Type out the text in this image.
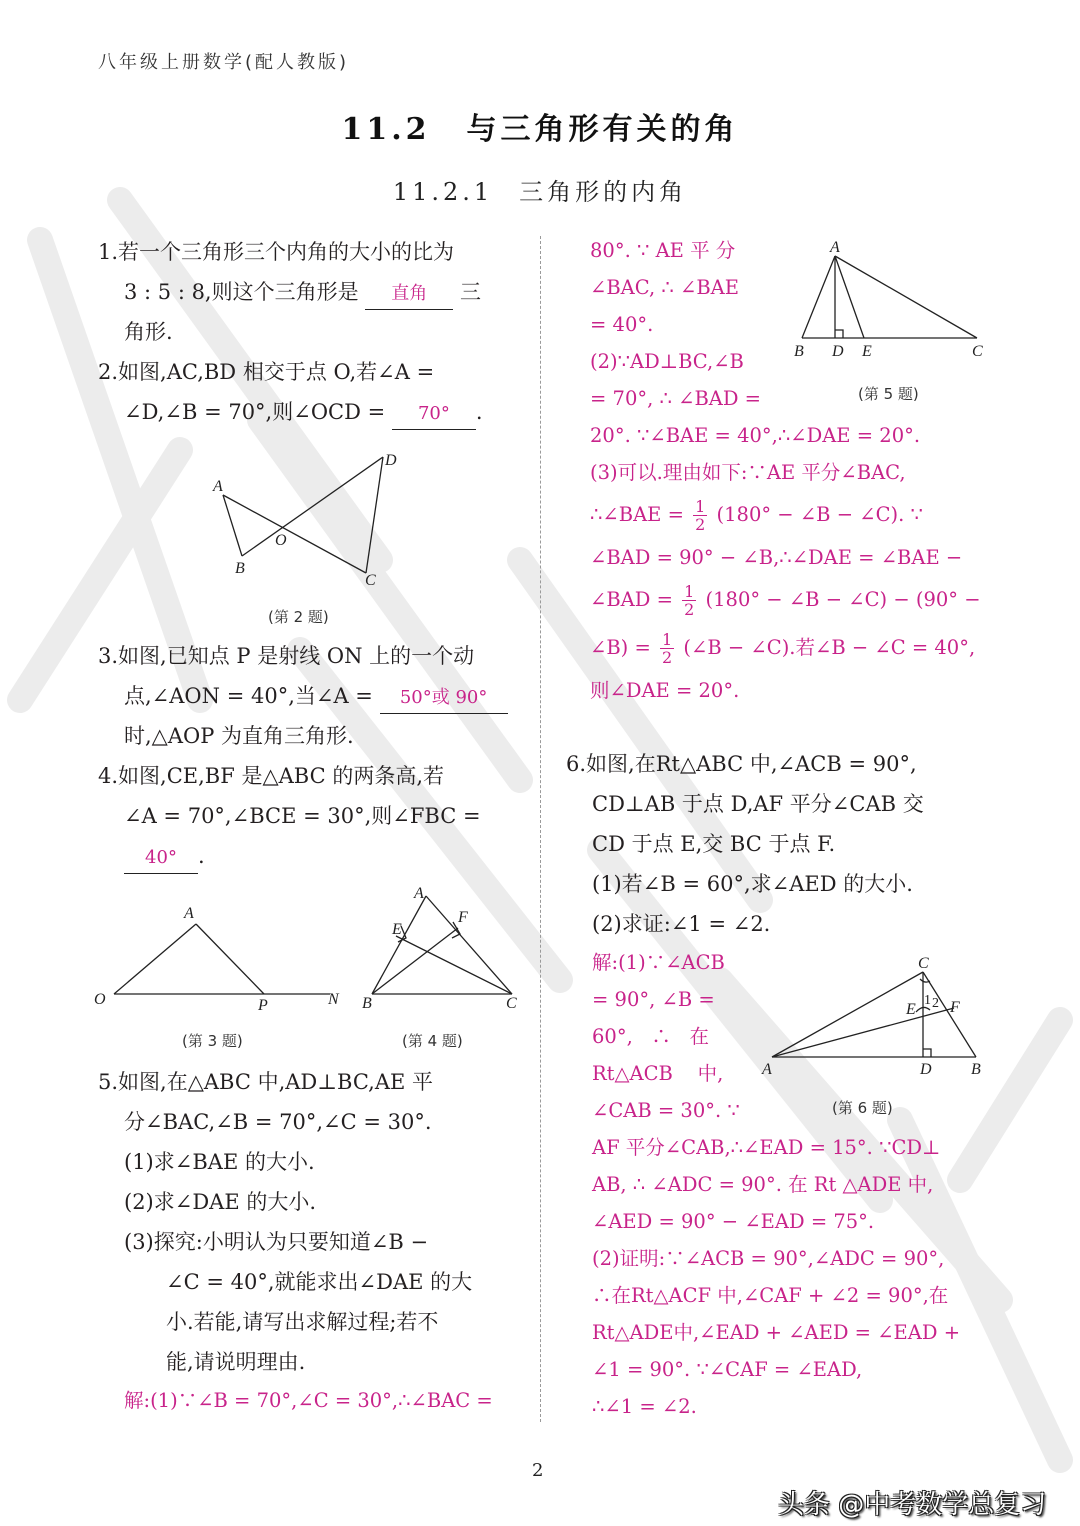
八年级上册数学(配人教版)
11.2 与三角形有关的角
11.2.1 三角形的内角

1.若一个三角形三个内角的大小的比为

3 : 5 : 8,则这个三角形是 直角 三

角形.

2.如图,AC,BD 相交于点 O,若∠A =

∠D,∠B = 70°,则∠OCD = 70° .

A
B
C
D
O
(第 2 题)

3.如图,已知点 P 是射线 ON 上的一个动

点,∠AON = 40°,当∠A = 50°或 90°

时,△AOP 为直角三角形.

4.如图,CE,BF 是△ABC 的两条高,若

∠A = 70°,∠BCE = 30°,则∠FBC =

40° .

O
A
P	N
(第 3 题)
A
B	C
E
F
(第 4 题)

5.如图,在△ABC 中,AD⊥BC,AE 平

分∠BAC,∠B = 70°,∠C = 30°.

(1)求∠BAE 的大小.

(2)求∠DAE 的大小.

(3)探究:小明认为只要知道∠B −

∠C = 40°,就能求出∠DAE 的大

小.若能,请写出求解过程;若不

能,请说明理由.

解:(1)∵∠B = 70°,∠C = 30°,∴∠BAC =

80°. ∵ AE 平 分

∠BAC, ∴ ∠BAE

= 40°.

(2)∵AD⊥BC,∠B

= 70°, ∴ ∠BAD =

20°. ∵∠BAE = 40°,∴∠DAE = 20°.

(3)可以.理由如下:∵AE 平分∠BAC,

∴∠BAE = $\frac{1}{2} (180^\circ$ − ∠B − ∠C). ∵

∠BAD = 90° − ∠B,∴∠DAE = ∠BAE −

∠BAD = $\frac{1}{2} (180^\circ$ − ∠B − ∠C) − (90° −

∠B) = $\frac{1}{2}$ (∠B − ∠C).若∠B − ∠C = 40°,

则∠DAE = 20°.

A
B D E	C
(第 5 题)

6.如图,在Rt△ABC 中,∠ACB = 90°,

CD⊥AB 于点 D,AF 平分∠CAB 交

CD 于点 E,交 BC 于点 F.

(1)若∠B = 60°,求∠AED 的大小.

(2)求证:∠1 = ∠2.

解:(1)∵∠ACB

= 90°, ∠B =

60°,   ∴   在

Rt△ACB    中,

∠CAB = 30°. ∵

AF 平分∠CAB,∴∠EAD = 15°. ∵CD⊥

AB, ∴ ∠ADC = 90°. 在 Rt △ADE 中,

∠AED = 90° − ∠EAD = 75°.

(2)证明:∵∠ACB = 90°,∠ADC = 90°,

∴在Rt△ACF 中,∠CAF + ∠2 = 90°,在

Rt△ADE中,∠EAD + ∠AED = ∠EAD +

∠1 = 90°. ∵∠CAF = ∠EAD,

∴∠1 = ∠2.

C
A	D B
E F
1 2
(第 6 题)
2
头条 @中考数学总复习
